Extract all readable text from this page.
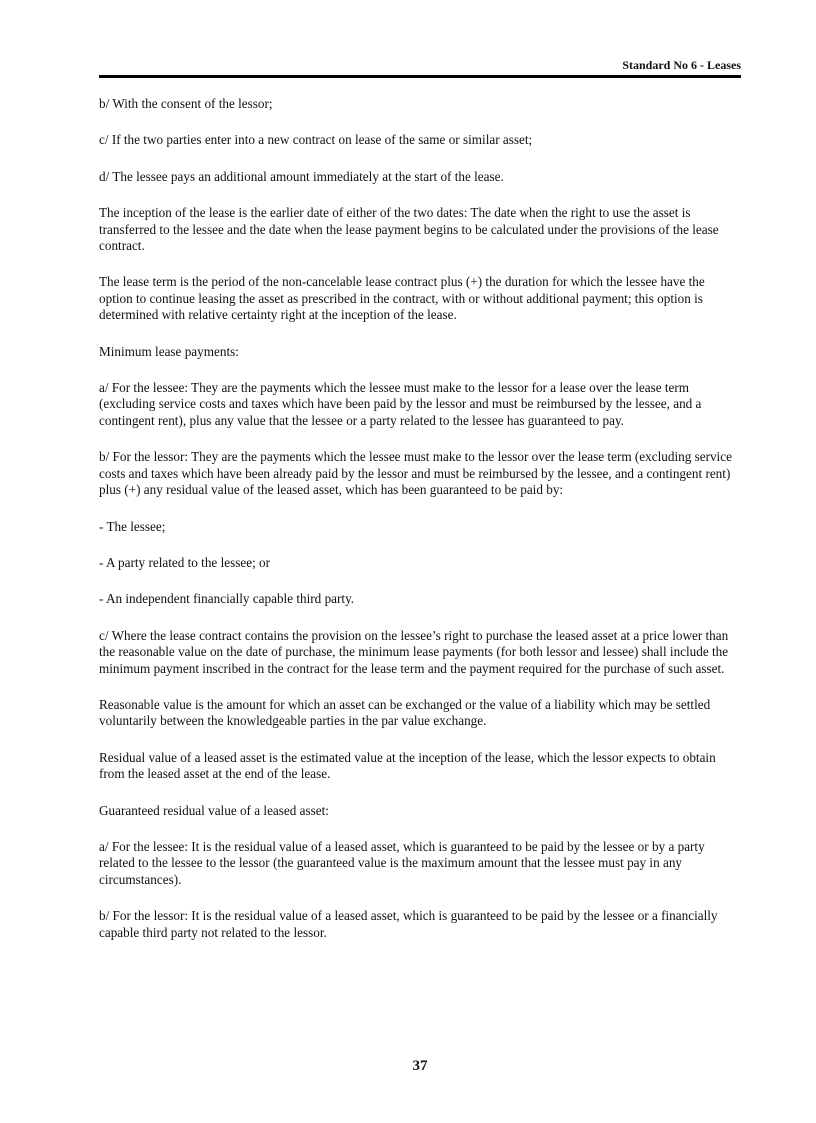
Standard No 6 - Leases

b/ With the consent of the lessor;

c/ If the two parties enter into a new contract on lease of the same or similar asset;

d/ The lessee pays an additional amount immediately at the start of the lease.

The inception of the lease is the earlier date of either of the two dates: The date when the right to use the asset is transferred to the lessee and the date when the lease payment begins to be calculated under the provisions of the lease contract.

The lease term is the period of the non-cancelable lease contract plus (+) the duration for which the lessee have the option to continue leasing the asset as prescribed in the contract, with or without additional payment; this option is determined with relative certainty right at the inception of the lease.

Minimum lease payments:

a/ For the lessee: They are the payments which the lessee must make to the lessor for a lease over the lease term (excluding service costs and taxes which have been paid by the lessor and must be reimbursed by the lessee, and a contingent rent), plus any value that the lessee or a party related to the lessee has guaranteed to pay.

b/ For the lessor: They are the payments which the lessee must make to the lessor over the lease term (excluding service costs and taxes which have been already paid by the lessor and must be reimbursed by the lessee, and a contingent rent) plus (+) any residual value of the leased asset, which has been guaranteed to be paid by:

- The lessee;

- A party related to the lessee; or

- An independent financially capable third party.

c/ Where the lease contract contains the provision on the lessee’s right to purchase the leased asset at a price lower than the reasonable value on the date of purchase, the minimum lease payments (for both lessor and lessee) shall include the minimum payment inscribed in the contract for the lease term and the payment required for the purchase of such asset.

Reasonable value is the amount for which an asset can be exchanged or the value of a liability which may be settled voluntarily between the knowledgeable parties in the par value exchange.

Residual value of a leased asset is the estimated value at the inception of the lease, which the lessor expects to obtain from the leased asset at the end of the lease.

Guaranteed residual value of a leased asset:

a/ For the lessee: It is the residual value of a leased asset, which is guaranteed to be paid by the lessee or by a party related to the lessee to the lessor (the guaranteed value is the maximum amount that the lessee must pay in any circumstances).

b/ For the lessor: It is the residual value of a leased asset, which is guaranteed to be paid by the lessee or a financially capable third party not related to the lessor.

37
